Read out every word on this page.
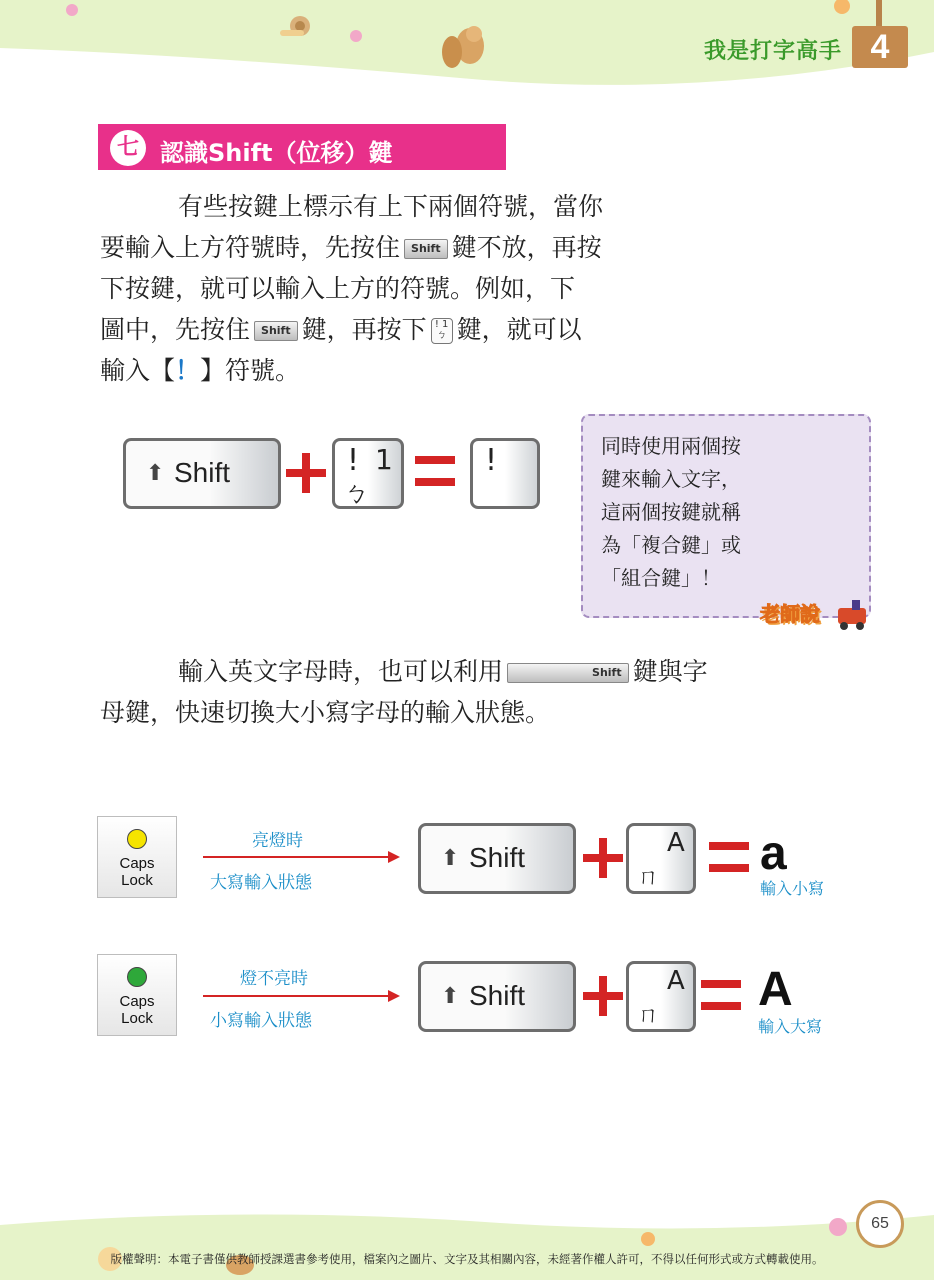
我是打字高手 4
七 認識Shift（位移）鍵
有些按鍵上標示有上下兩個符號，當你
要輸入上方符號時，先按住 Shift 鍵不放，再按
下按鍵，就可以輸入上方的符號。例如，下
圖中，先按住 Shift 鍵，再按下 ! 1
ㄅ 鍵，就可以
輸入【！】符號。
⬆ Shift	! 1
ㄅ
!	同時使用兩個按
鍵來輸入文字，
這兩個按鍵就稱
為「複合鍵」或
「組合鍵」！
老師說
輸入英文字母時，也可以利用	Shift 鍵與字
母鍵，快速切換大小寫字母的輸入狀態。
Caps
Lock
亮燈時
大寫輸入狀態
⬆ Shift	A
ㄇ a
輸入小寫
Caps
Lock
燈不亮時
小寫輸入狀態
⬆ Shift	A
ㄇ A
輸入大寫
65
版權聲明：本電子書僅供教師授課選書參考使用，檔案內之圖片、文字及其相關內容，未經著作權人許可，不得以任何形式或方式轉載使用。
